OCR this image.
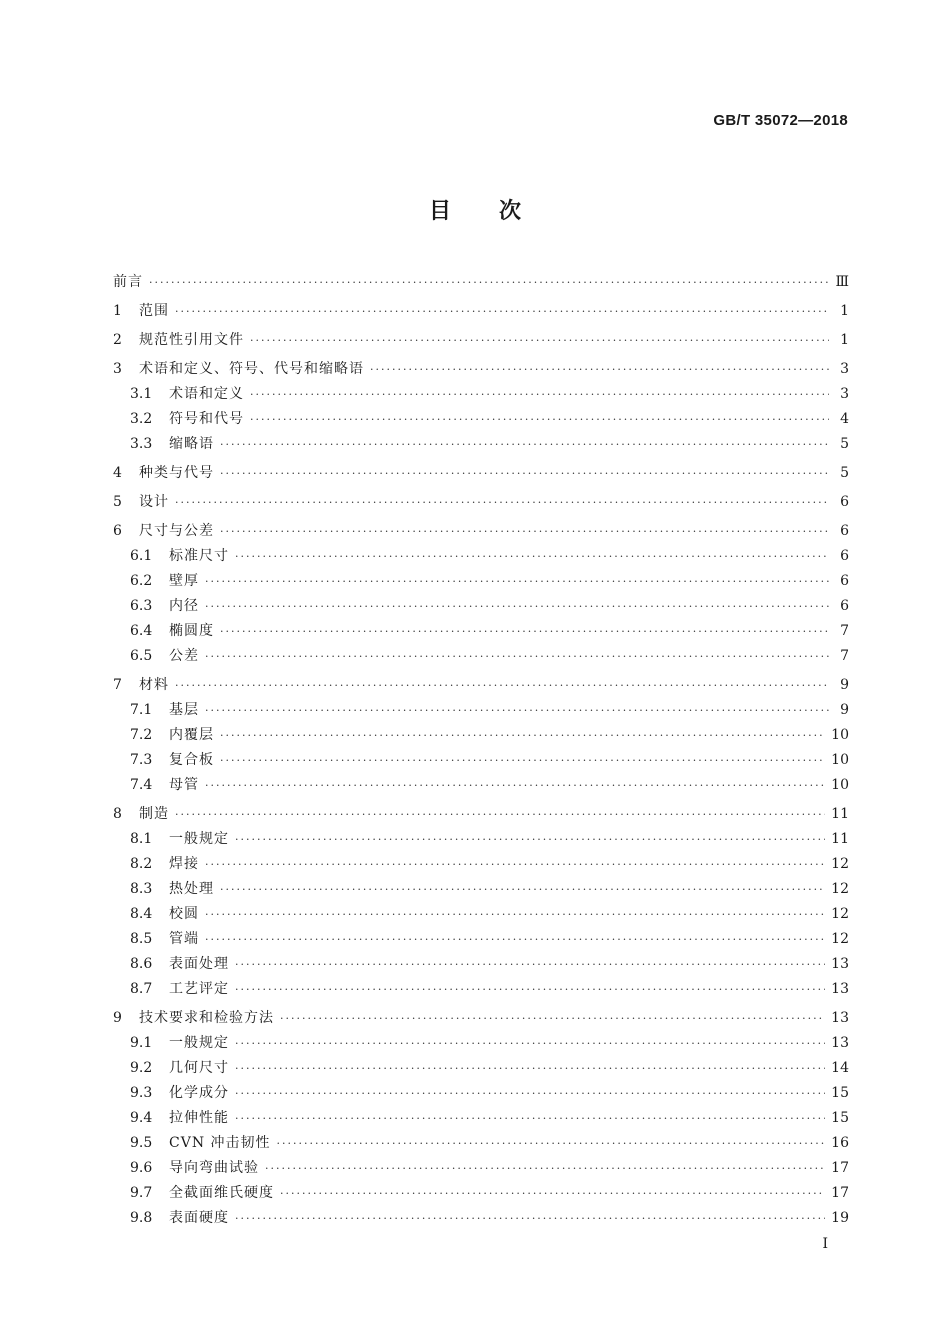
GB/T 35072—2018
目次
前言 ·····	Ⅲ
1	范围 ·····	1
2	规范性引用文件 ·····	1
3	术语和定义、符号、代号和缩略语 ·····	3
3.1	术语和定义 ·····	3
3.2	符号和代号 ·····	4
3.3	缩略语 ·····	5
4	种类与代号 ·····	5
5	设计 ·····	6
6	尺寸与公差 ·····	6
6.1	标准尺寸 ·····	6
6.2	壁厚 ·····	6
6.3	内径 ·····	6
6.4	椭圆度 ·····	7
6.5	公差 ·····	7
7	材料 ·····	9
7.1	基层 ·····	9
7.2	内覆层 ·····	10
7.3	复合板 ·····	10
7.4	母管 ·····	10
8	制造 ·····	11
8.1	一般规定 ·····	11
8.2	焊接 ·····	12
8.3	热处理 ·····	12
8.4	校圆 ·····	12
8.5	管端 ·····	12
8.6	表面处理 ·····	13
8.7	工艺评定 ·····	13
9	技术要求和检验方法 ·····	13
9.1	一般规定 ·····	13
9.2	几何尺寸 ·····	14
9.3	化学成分 ·····	15
9.4	拉伸性能 ·····	15
9.5	CVN 冲击韧性 ·····	16
9.6	导向弯曲试验 ·····	17
9.7	全截面维氏硬度 ·····	17
9.8	表面硬度 ·····	19
I
